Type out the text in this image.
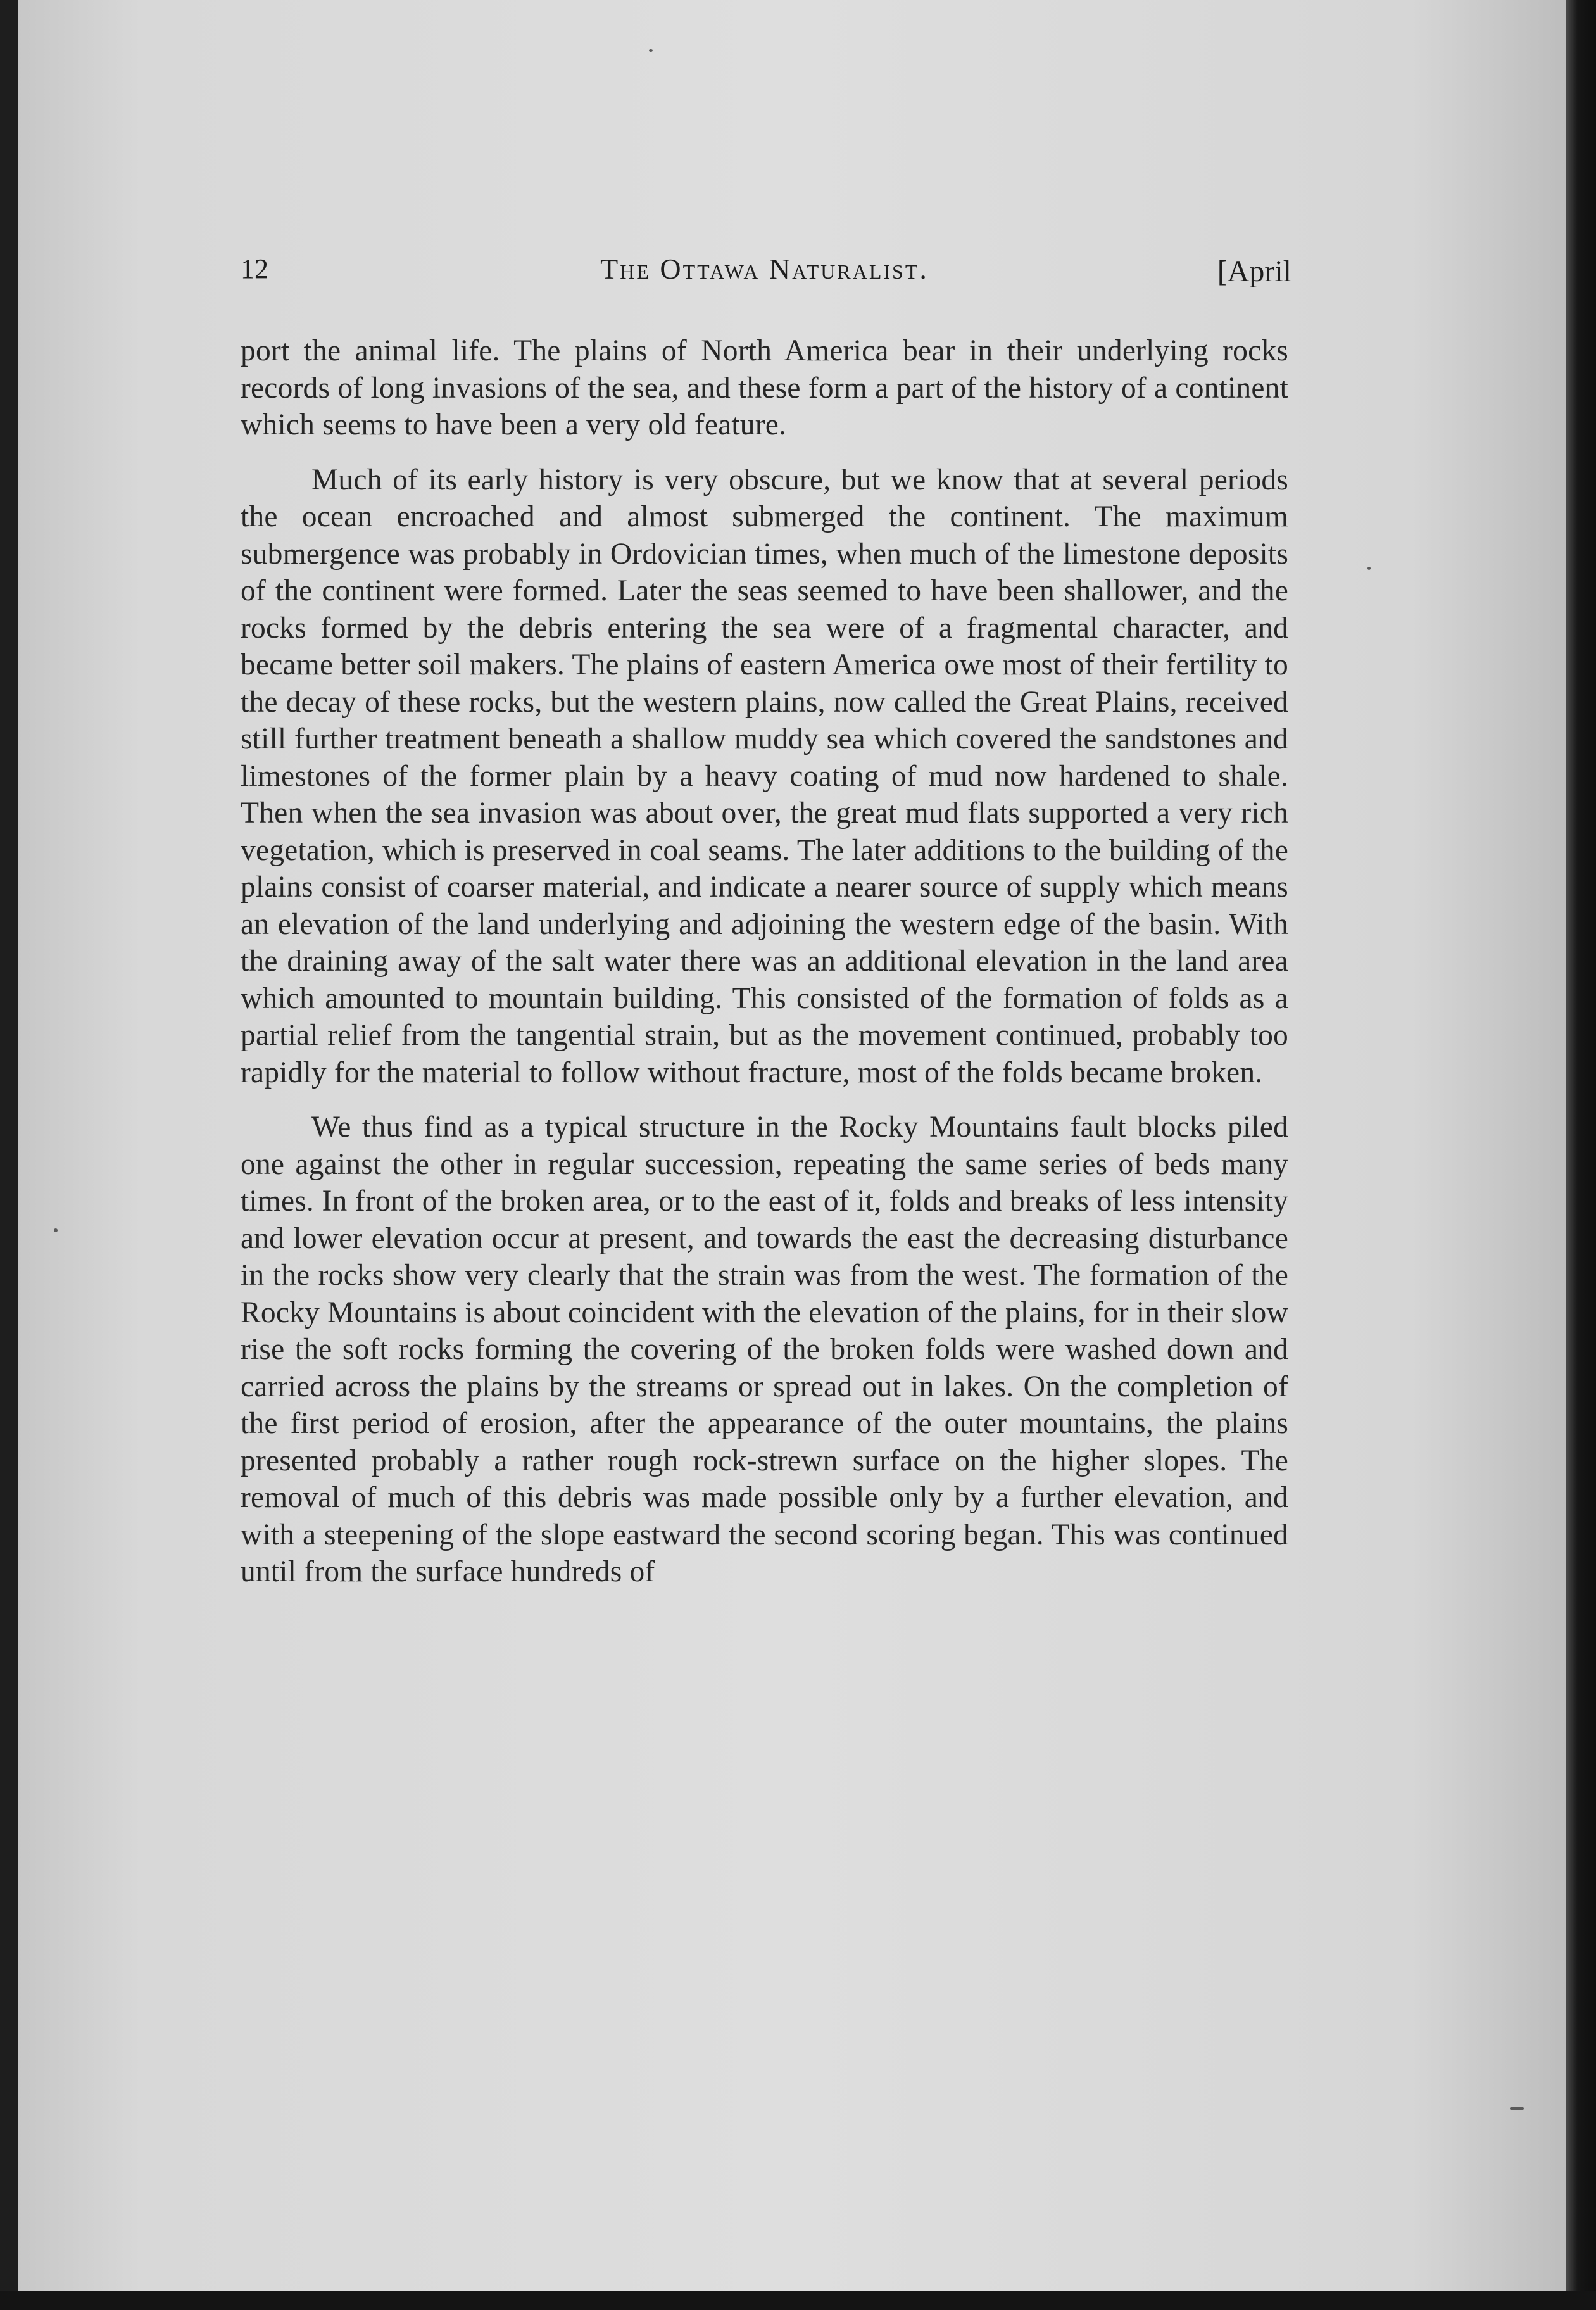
12	The Ottawa Naturalist.	[April

port the animal life. The plains of North America bear in their underlying rocks records of long invasions of the sea, and these form a part of the history of a continent which seems to have been a very old feature.

Much of its early history is very obscure, but we know that at several periods the ocean encroached and almost submerged the continent. The maximum submergence was probably in Ordovician times, when much of the limestone deposits of the continent were formed. Later the seas seemed to have been shallower, and the rocks formed by the debris entering the sea were of a fragmental character, and became better soil makers. The plains of eastern America owe most of their fertility to the decay of these rocks, but the western plains, now called the Great Plains, received still further treatment beneath a shallow muddy sea which covered the sandstones and limestones of the former plain by a heavy coating of mud now hardened to shale. Then when the sea invasion was about over, the great mud flats supported a very rich vegetation, which is preserved in coal seams. The later additions to the building of the plains consist of coarser material, and indicate a nearer source of supply which means an elevation of the land underlying and adjoining the western edge of the basin. With the draining away of the salt water there was an additional elevation in the land area which amounted to mountain building. This consisted of the formation of folds as a partial relief from the tangential strain, but as the movement continued, probably too rapidly for the material to follow without fracture, most of the folds became broken.

We thus find as a typical structure in the Rocky Mountains fault blocks piled one against the other in regular succession, repeating the same series of beds many times. In front of the broken area, or to the east of it, folds and breaks of less intensity and lower elevation occur at present, and towards the east the decreasing disturbance in the rocks show very clearly that the strain was from the west. The formation of the Rocky Mountains is about coincident with the elevation of the plains, for in their slow rise the soft rocks forming the covering of the broken folds were washed down and carried across the plains by the streams or spread out in lakes. On the completion of the first period of erosion, after the appearance of the outer mountains, the plains presented probably a rather rough rock-strewn surface on the higher slopes. The removal of much of this debris was made possible only by a further elevation, and with a steepening of the slope eastward the second scoring began. This was continued until from the surface hundreds of
